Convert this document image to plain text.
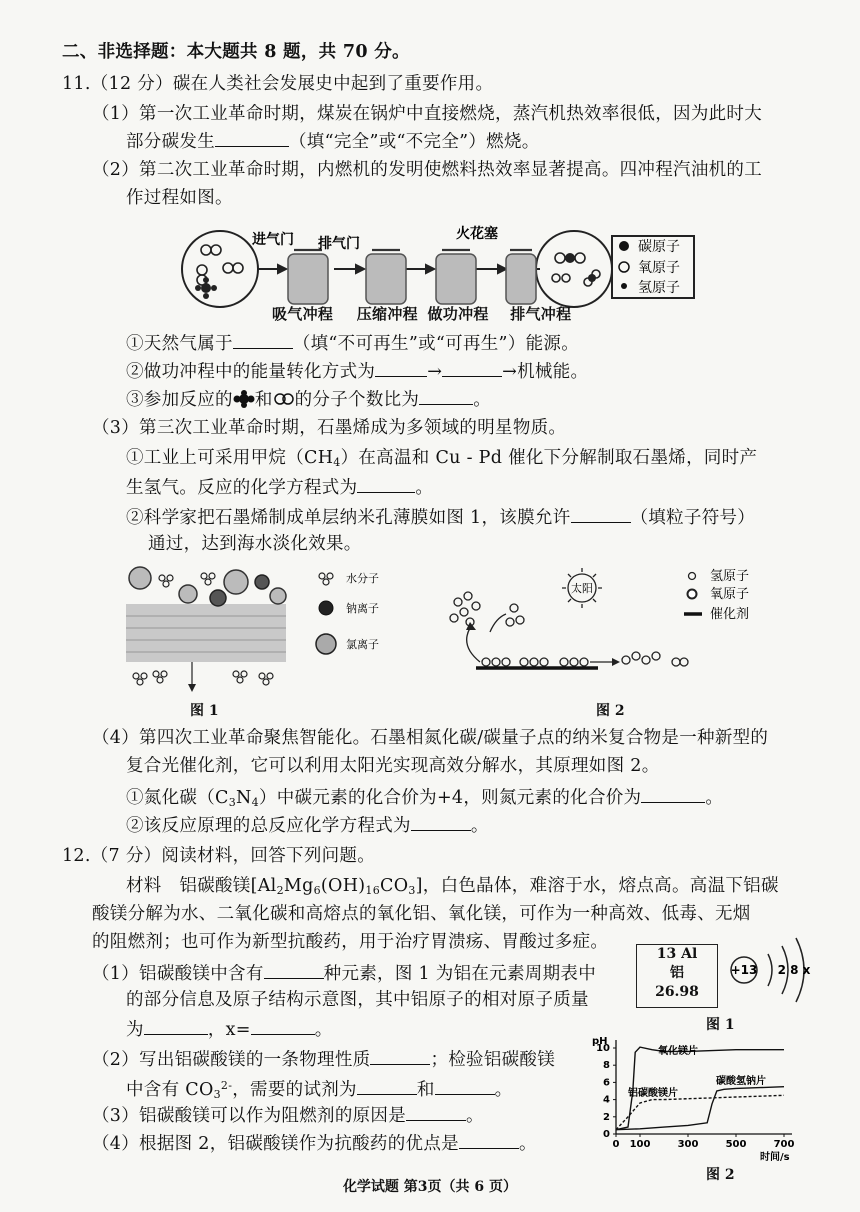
二、非选择题：本大题共 8 题，共 70 分。
11.（12 分）碳在人类社会发展史中起到了重要作用。
（1）第一次工业革命时期，煤炭在锅炉中直接燃烧，蒸汽机热效率很低，因为此时大
部分碳发生	（填“完全”或“不完全”）燃烧。
（2）第二次工业革命时期，内燃机的发明使燃料热效率显著提高。四冲程汽油机的工
作过程如图。
碳原子
氧原子
氢原子
进气门 排气门
火花塞
吸气冲程 压缩冲程 做功冲程 排气冲程
①天然气属于	（填“不可再生”或“可再生”）能源。
②做功冲程中的能量转化方式为	→	→机械能。
③参加反应的 和 的分子个数比为	。
（3）第三次工业革命时期，石墨烯成为多领域的明星物质。
①工业上可采用甲烷$(CH_4)$在高温和 Cu - Pd 催化下分解制取石墨烯，同时产
生氢气。反应的化学方程式为	。
②科学家把石墨烯制成单层纳米孔薄膜如图 1，该膜允许	（填粒子符号）
通过，达到海水淡化效果。
水分子
钠离子
氯离子
图 1
太阳
氢原子
氧原子
催化剂
图 2
（4）第四次工业革命聚焦智能化。石墨相氮化碳/碳量子点的纳米复合物是一种新型的
复合光催化剂，它可以利用太阳光实现高效分解水，其原理如图 2。
①氮化碳$(C_3N_4)$中碳元素的化合价为+4，则氮元素的化合价为	。
②该反应原理的总反应化学方程式为	。
12.（7 分）阅读材料，回答下列问题。
材料　铝碳酸镁$[Al_2Mg_6(OH)_{16}CO_3]$，白色晶体，难溶于水，熔点高。高温下铝碳
酸镁分解为水、二氧化碳和高熔点的氧化铝、氧化镁，可作为一种高效、低毒、无烟
的阻燃剂；也可作为新型抗酸药，用于治疗胃溃疡、胃酸过多症。
（1）铝碳酸镁中含有	种元素，图 1 为铝在元素周期表中
的部分信息及原子结构示意图，其中铝原子的相对原子质量
为	，x=	。
13 Al
铝
26.98
+13 2 8 x
图 1
（2）写出铝碳酸镁的一条物理性质	；检验铝碳酸镁
中含有 $CO_3^{2-}$，需要的试剂为	和	。
（3）铝碳酸镁可以作为阻燃剂的原因是	。
（4）根据图 2，铝碳酸镁作为抗酸药的优点是	。
pH
时间/s
0
2
4
6
8
10
0 100	300	500	700
氧化镁片
铝碳酸镁片
碳酸氢钠片
图 2
化学试题 第3页（共 6 页）
